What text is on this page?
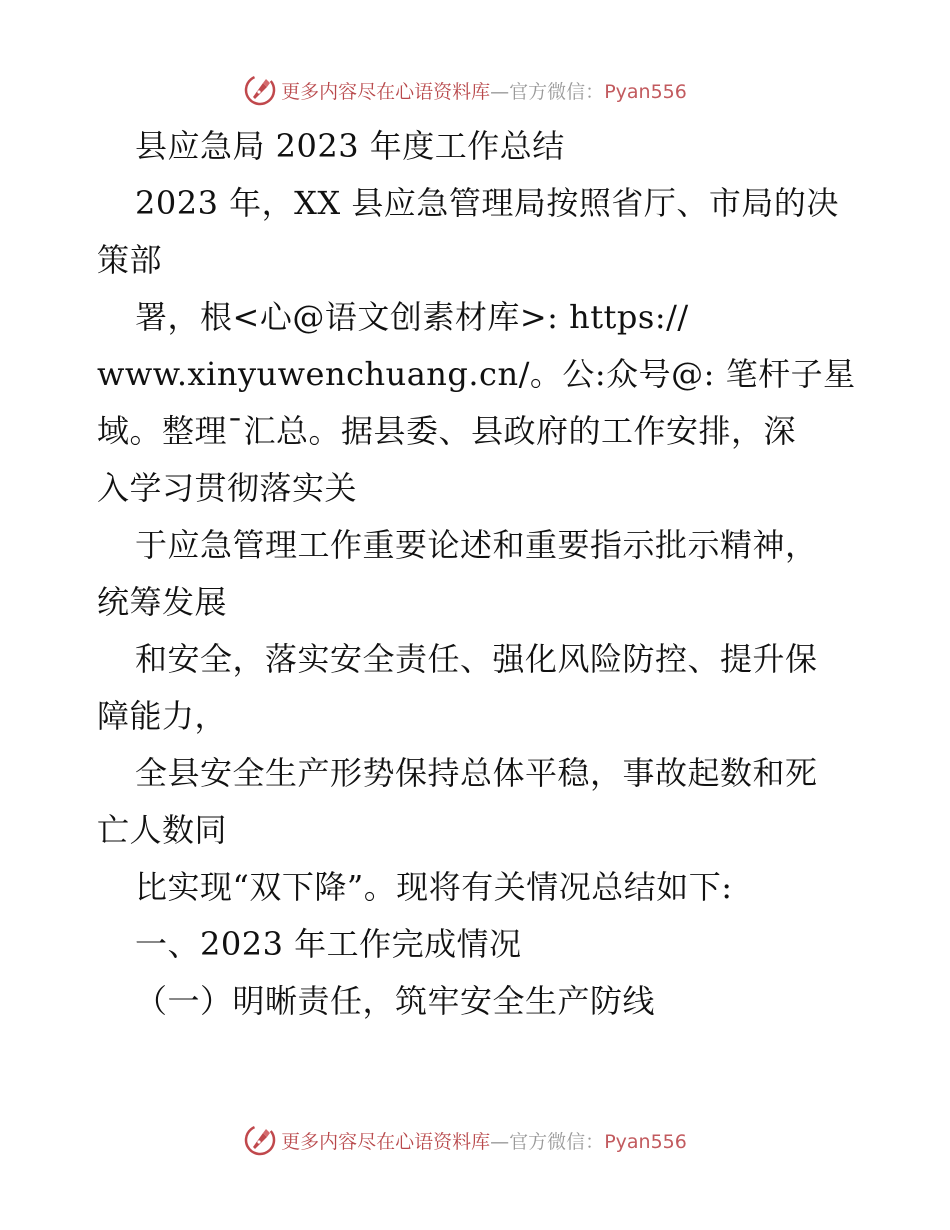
更多内容尽在心语资料库—官方微信：Pyan556
县应急局 2023 年度工作总结
2023 年，XX 县应急管理局按照省厅、市局的决
策部
署，根<心@语文创素材库>: https://
www.xinyuwenchuang.cn/。公:众号@: 笔杆子星
域。整理¯汇总。据县委、县政府的工作安排，深
入学习贯彻落实关
于应急管理工作重要论述和重要指示批示精神，
统筹发展
和安全，落实安全责任、强化风险防控、提升保
障能力，
全县安全生产形势保持总体平稳，事故起数和死
亡人数同
比实现“双下降”。现将有关情况总结如下:
一、2023 年工作完成情况
（一）明晰责任，筑牢安全生产防线
更多内容尽在心语资料库—官方微信：Pyan556
